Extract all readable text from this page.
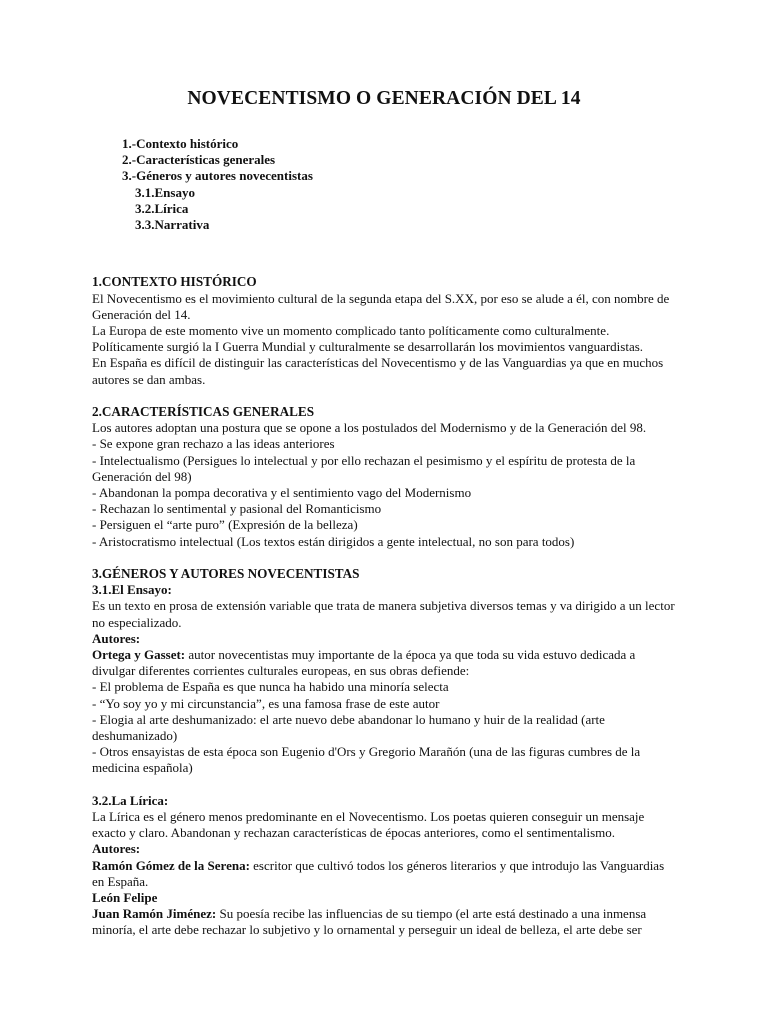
NOVECENTISMO O GENERACIÓN DEL 14
1.-Contexto histórico
2.-Características generales
3.-Géneros y autores novecentistas
3.1.Ensayo
3.2.Lírica
3.3.Narrativa

1.CONTEXTO HISTÓRICO

El Novecentismo es el movimiento cultural de la segunda etapa del S.XX, por eso se alude a él, con nombre de Generación del 14.

La Europa de este momento vive un momento complicado tanto políticamente como culturalmente.

Políticamente surgió la I Guerra Mundial y culturalmente se desarrollarán los movimientos vanguardistas.

En España es difícil de distinguir las características del Novecentismo y de las Vanguardias ya que en muchos autores se dan ambas.

2.CARACTERÍSTICAS GENERALES

Los autores adoptan una postura que se opone a los postulados del Modernismo y de la Generación del 98.

- Se expone gran rechazo a las ideas anteriores

- Intelectualismo (Persigues lo intelectual y por ello rechazan el pesimismo y el espíritu de protesta de la Generación del 98)

- Abandonan la pompa decorativa y el sentimiento vago del Modernismo

- Rechazan lo sentimental y pasional del Romanticismo

- Persiguen el “arte puro” (Expresión de la belleza)

- Aristocratismo intelectual (Los textos están dirigidos a gente intelectual, no son para todos)

3.GÉNEROS Y AUTORES NOVECENTISTAS

3.1.El Ensayo:

Es un texto en prosa de extensión variable que trata de manera subjetiva diversos temas y va dirigido a un lector no especializado.

Autores:

Ortega y Gasset: autor novecentistas muy importante de la época ya que toda su vida estuvo dedicada a divulgar diferentes corrientes culturales europeas, en sus obras defiende:

- El problema de España es que nunca ha habido una minoría selecta

- “Yo soy yo y mi circunstancia”, es una famosa frase de este autor

- Elogia al arte deshumanizado: el arte nuevo debe abandonar lo humano y huir de la realidad (arte deshumanizado)

- Otros ensayistas de esta época son Eugenio d'Ors y Gregorio Marañón (una de las figuras cumbres de la medicina española)

3.2.La Lírica:

La Lírica es el género menos predominante en el Novecentismo. Los poetas quieren conseguir un mensaje exacto y claro. Abandonan y rechazan características de épocas anteriores, como el sentimentalismo.

Autores:

Ramón Gómez de la Serena: escritor que cultivó todos los géneros literarios y que introdujo las Vanguardias en España.

León Felipe

Juan Ramón Jiménez: Su poesía recibe las influencias de su tiempo (el arte está destinado a una inmensa minoría, el arte debe rechazar lo subjetivo y lo ornamental y perseguir un ideal de belleza, el arte debe ser
